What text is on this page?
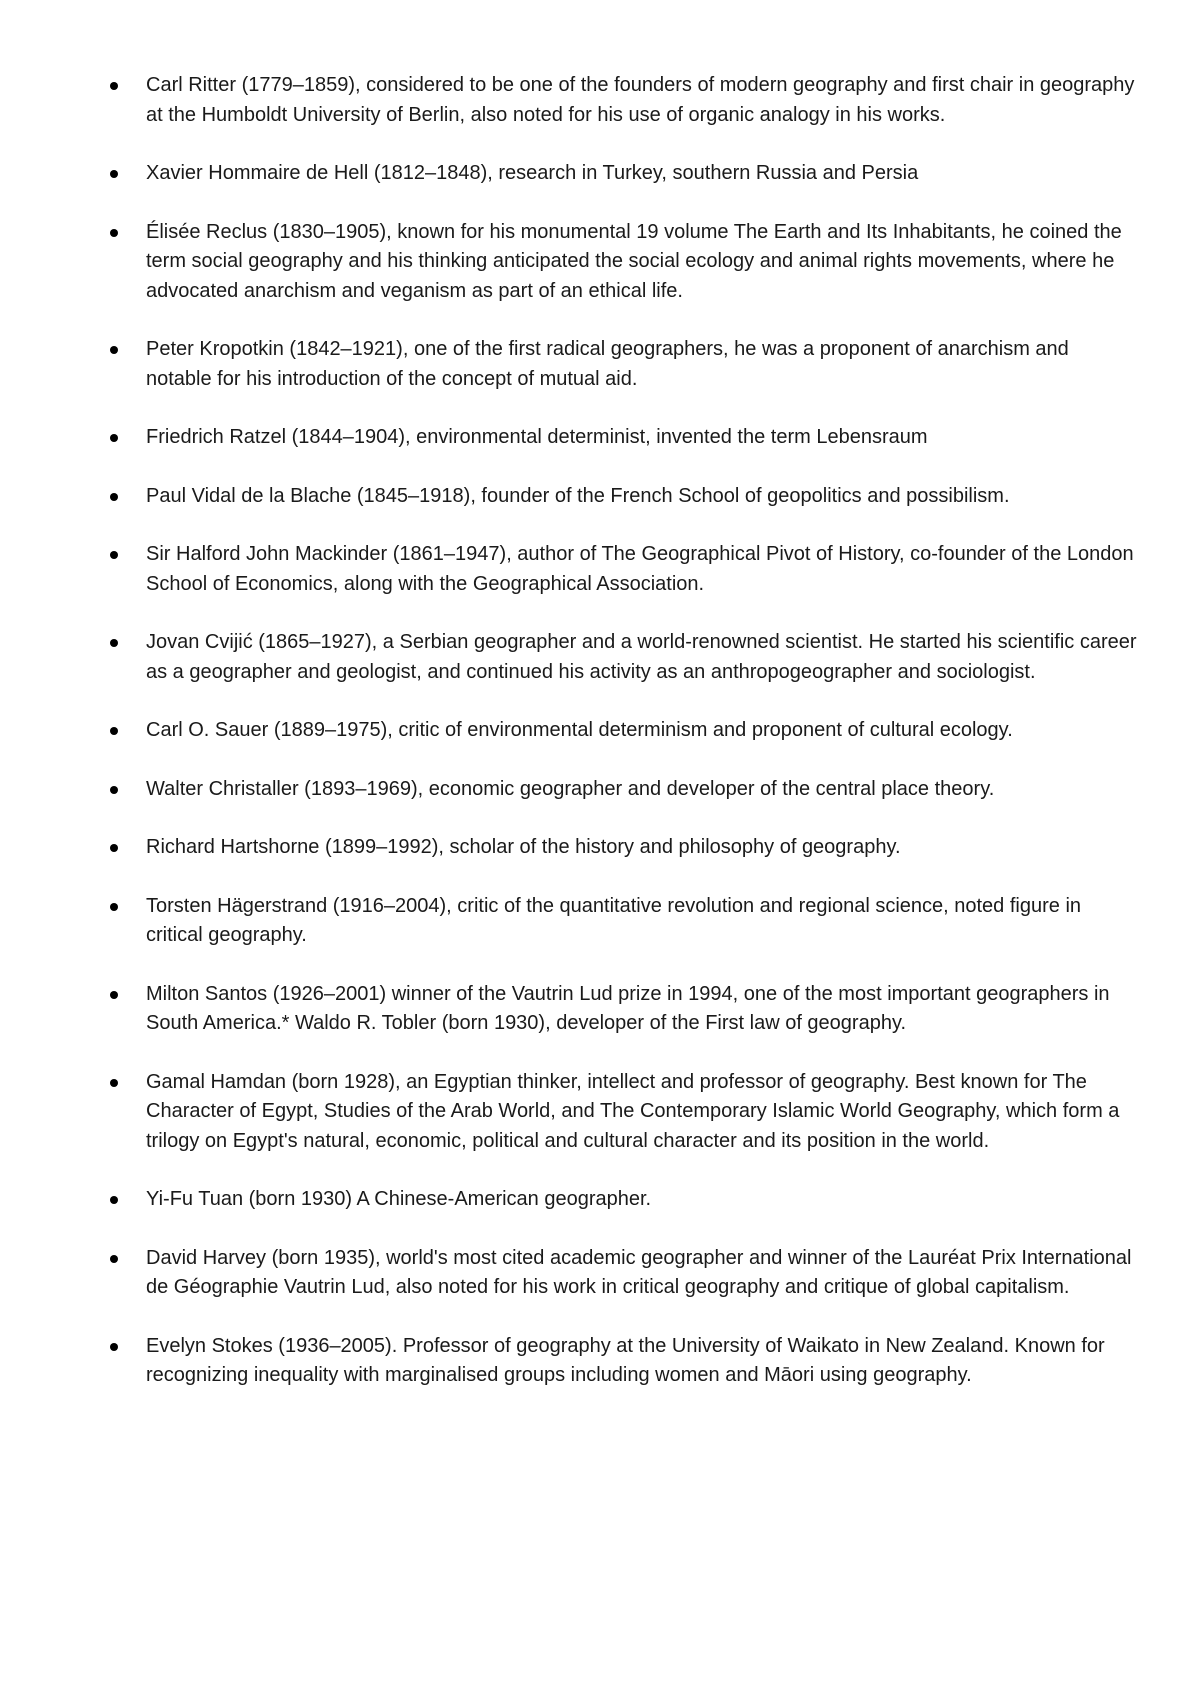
Carl Ritter (1779–1859), considered to be one of the founders of modern geography and first chair in geography at the Humboldt University of Berlin, also noted for his use of organic analogy in his works.
Xavier Hommaire de Hell (1812–1848), research in Turkey, southern Russia and Persia
Élisée Reclus (1830–1905), known for his monumental 19 volume The Earth and Its Inhabitants, he coined the term social geography and his thinking anticipated the social ecology and animal rights movements, where he advocated anarchism and veganism as part of an ethical life.
Peter Kropotkin (1842–1921), one of the first radical geographers, he was a proponent of anarchism and notable for his introduction of the concept of mutual aid.
Friedrich Ratzel (1844–1904), environmental determinist, invented the term Lebensraum
Paul Vidal de la Blache (1845–1918), founder of the French School of geopolitics and possibilism.
Sir Halford John Mackinder (1861–1947), author of The Geographical Pivot of History, co-founder of the London School of Economics, along with the Geographical Association.
Jovan Cvijić (1865–1927), a Serbian geographer and a world-renowned scientist. He started his scientific career as a geographer and geologist, and continued his activity as an anthropogeographer and sociologist.
Carl O. Sauer (1889–1975), critic of environmental determinism and proponent of cultural ecology.
Walter Christaller (1893–1969), economic geographer and developer of the central place theory.
Richard Hartshorne (1899–1992), scholar of the history and philosophy of geography.
Torsten Hägerstrand (1916–2004), critic of the quantitative revolution and regional science, noted figure in critical geography.
Milton Santos (1926–2001) winner of the Vautrin Lud prize in 1994, one of the most important geographers in South America.* Waldo R. Tobler (born 1930), developer of the First law of geography.
Gamal Hamdan (born 1928), an Egyptian thinker, intellect and professor of geography. Best known for The Character of Egypt, Studies of the Arab World, and The Contemporary Islamic World Geography, which form a trilogy on Egypt's natural, economic, political and cultural character and its position in the world.
Yi-Fu Tuan (born 1930) A Chinese-American geographer.
David Harvey (born 1935), world's most cited academic geographer and winner of the Lauréat Prix International de Géographie Vautrin Lud, also noted for his work in critical geography and critique of global capitalism.
Evelyn Stokes (1936–2005). Professor of geography at the University of Waikato in New Zealand. Known for recognizing inequality with marginalised groups including women and Māori using geography.
